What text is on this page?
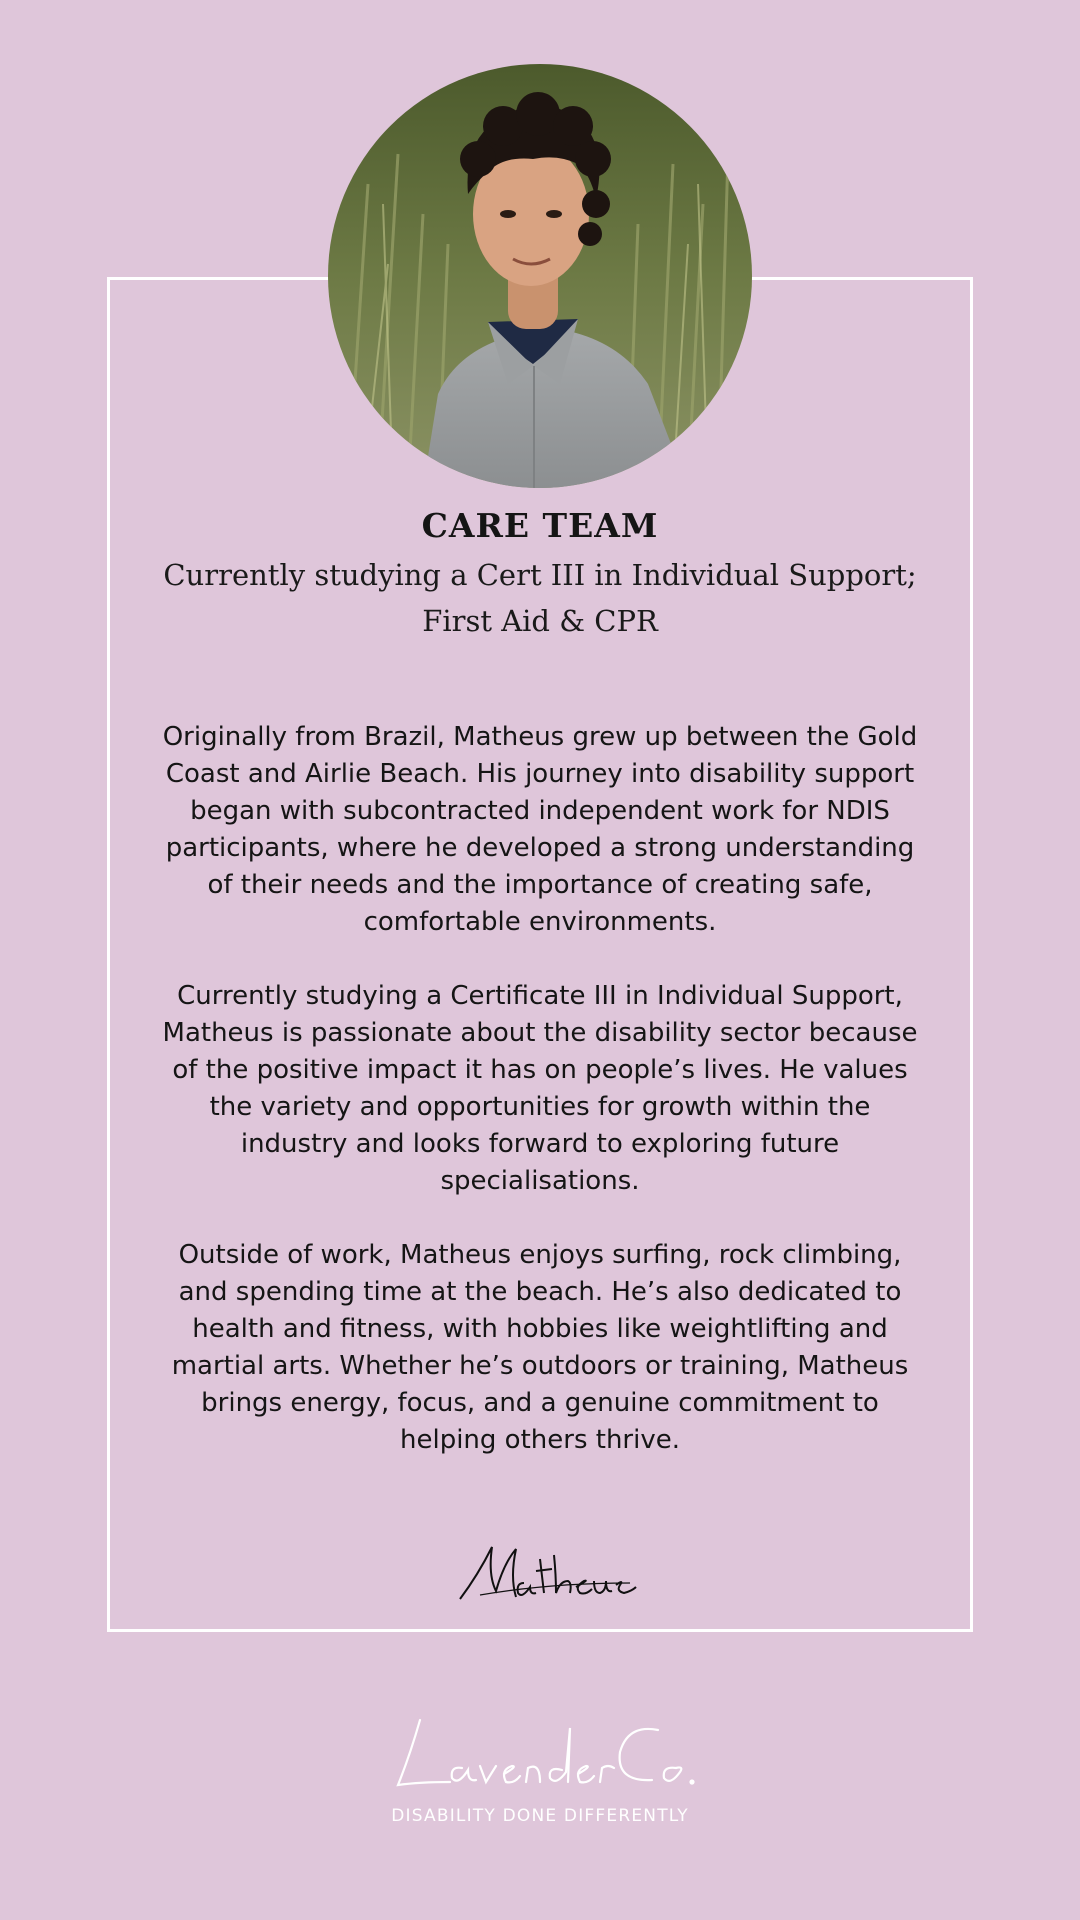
CARE TEAM

Currently studying a Cert III in Individual Support; First Aid & CPR

Originally from Brazil, Matheus grew up between the Gold Coast and Airlie Beach. His journey into disability support began with subcontracted independent work for NDIS participants, where he developed a strong understanding of their needs and the importance of creating safe, comfortable environments.

Currently studying a Certificate III in Individual Support, Matheus is passionate about the disability sector because of the positive impact it has on people’s lives. He values the variety and opportunities for growth within the industry and looks forward to exploring future specialisations.

Outside of work, Matheus enjoys surfing, rock climbing, and spending time at the beach. He’s also dedicated to health and fitness, with hobbies like weightlifting and martial arts. Whether he’s outdoors or training, Matheus brings energy, focus, and a genuine commitment to helping others thrive.

DISABILITY DONE DIFFERENTLY
